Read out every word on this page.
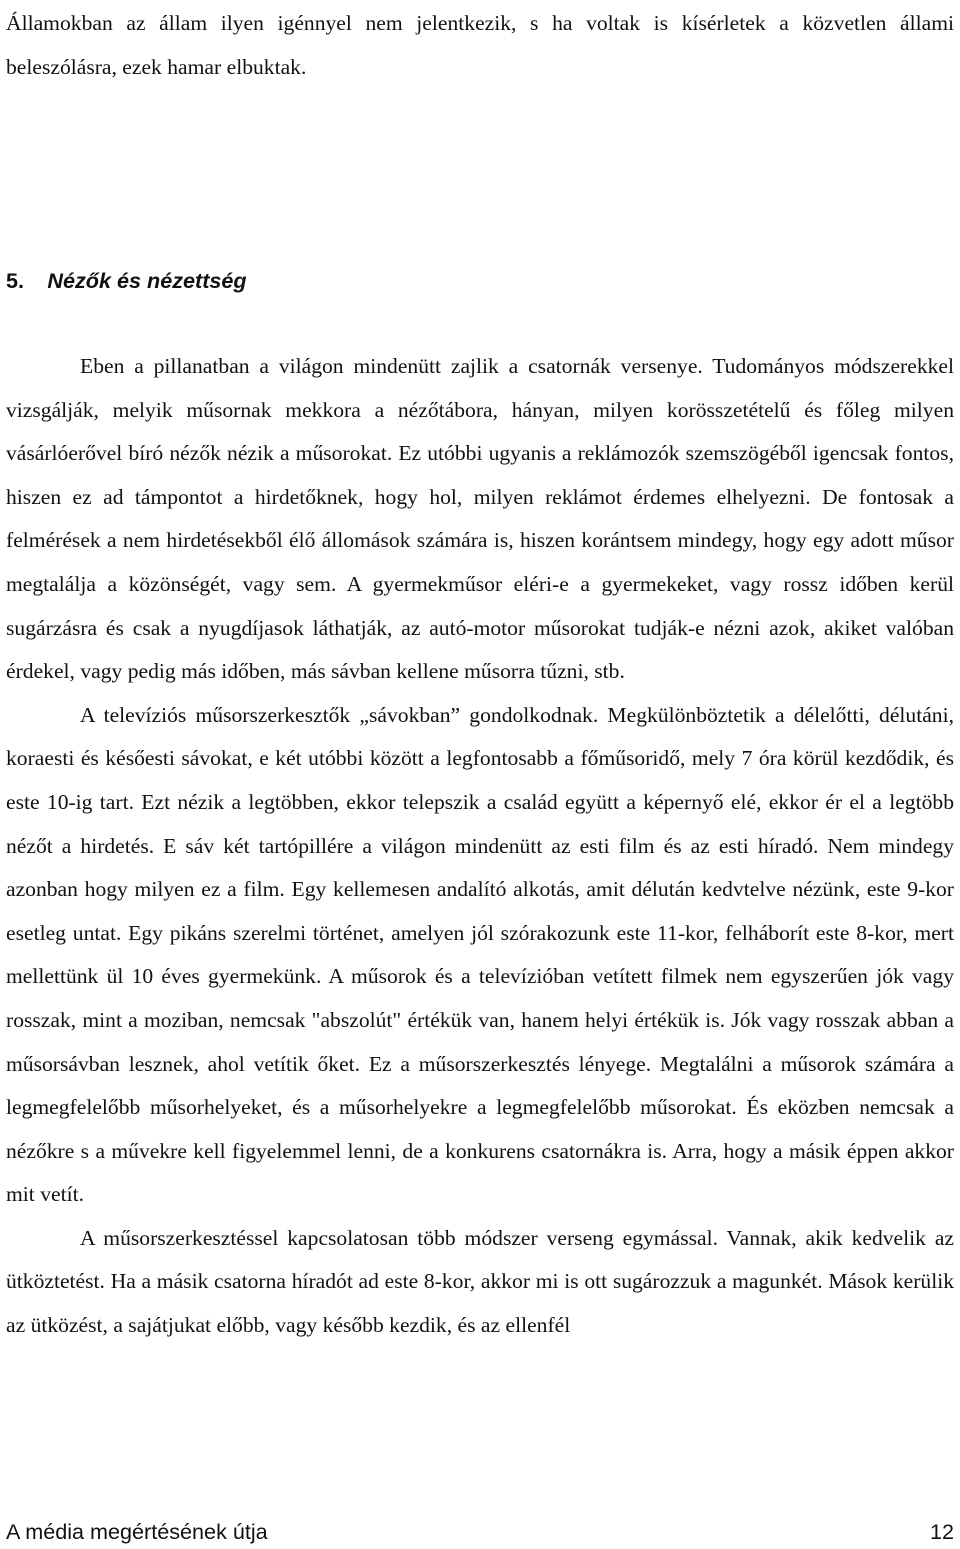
Államokban az állam ilyen igénnyel nem jelentkezik, s ha voltak is kísérletek a közvetlen állami beleszólásra, ezek hamar elbuktak.
5. Nézők és nézettség

Eben a pillanatban a világon mindenütt zajlik a csatornák versenye. Tudományos módszerekkel vizsgálják, melyik műsornak mekkora a nézőtábora, hányan, milyen korösszetételű és főleg milyen vásárlóerővel bíró nézők nézik a műsorokat. Ez utóbbi ugyanis a reklámozók szemszögéből igencsak fontos, hiszen ez ad támpontot a hirdetőknek, hogy hol, milyen reklámot érdemes elhelyezni. De fontosak a felmérések a nem hirdetésekből élő állomások számára is, hiszen korántsem mindegy, hogy egy adott műsor megtalálja a közönségét, vagy sem. A gyermekműsor eléri-e a gyermekeket, vagy rossz időben kerül sugárzásra és csak a nyugdíjasok láthatják, az autó-motor műsorokat tudják-e nézni azok, akiket valóban érdekel, vagy pedig más időben, más sávban kellene műsorra tűzni, stb.

A televíziós műsorszerkesztők „sávokban” gondolkodnak. Megkülönböztetik a délelőtti, délutáni, koraesti és későesti sávokat, e két utóbbi között a legfontosabb a főműsoridő, mely 7 óra körül kezdődik, és este 10-ig tart. Ezt nézik a legtöbben, ekkor telepszik a család együtt a képernyő elé, ekkor ér el a legtöbb nézőt a hirdetés. E sáv két tartópillére a világon mindenütt az esti film és az esti híradó. Nem mindegy azonban hogy milyen ez a film. Egy kellemesen andalító alkotás, amit délután kedvtelve nézünk, este 9-kor esetleg untat. Egy pikáns szerelmi történet, amelyen jól szórakozunk este 11-kor, felháborít este 8-kor, mert mellettünk ül 10 éves gyermekünk. A műsorok és a televízióban vetített filmek nem egyszerűen jók vagy rosszak, mint a moziban, nemcsak "abszolút" értékük van, hanem helyi értékük is. Jók vagy rosszak abban a műsorsávban lesznek, ahol vetítik őket. Ez a műsorszerkesztés lényege. Megtalálni a műsorok számára a legmegfelelőbb műsorhelyeket, és a műsorhelyekre a legmegfelelőbb műsorokat. És eközben nemcsak a nézőkre s a művekre kell figyelemmel lenni, de a konkurens csatornákra is. Arra, hogy a másik éppen akkor mit vetít.

A műsorszerkesztéssel kapcsolatosan több módszer verseng egymással. Vannak, akik kedvelik az ütköztetést. Ha a másik csatorna híradót ad este 8-kor, akkor mi is ott sugározzuk a magunkét. Mások kerülik az ütközést, a sajátjukat előbb, vagy később kezdik, és az ellenfél

A média megértésének útja	12
